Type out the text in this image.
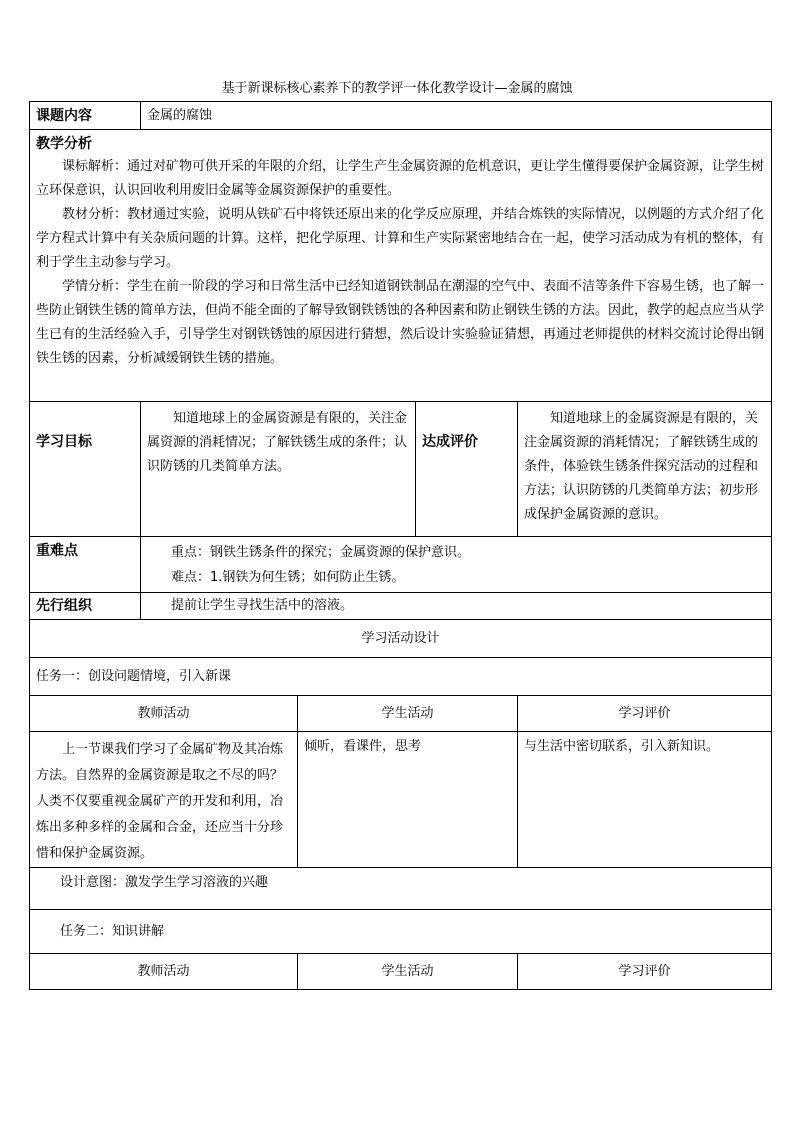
基于新课标核心素养下的教学评一体化教学设计—金属的腐蚀
课题内容	金属的腐蚀			

教学分析

课标解析：通过对矿物可供开采的年限的介绍，让学生产生金属资源的危机意识，更让学生懂得要保护金属资源，让学生树立环保意识，认识回收利用废旧金属等金属资源保护的重要性。

教材分析：教材通过实验，说明从铁矿石中将铁还原出来的化学反应原理，并结合炼铁的实际情况，以例题的方式介绍了化学方程式计算中有关杂质问题的计算。这样，把化学原理、计算和生产实际紧密地结合在一起，使学习活动成为有机的整体，有利于学生主动参与学习。

学情分析：学生在前一阶段的学习和日常生活中已经知道钢铁制品在潮湿的空气中、表面不洁等条件下容易生锈，也了解一些防止钢铁生锈的简单方法，但尚不能全面的了解导致钢铁锈蚀的各种因素和防止钢铁生锈的方法。因此，教学的起点应当从学生已有的生活经验入手，引导学生对钢铁锈蚀的原因进行猜想，然后设计实验验证猜想，再通过老师提供的材料交流讨论得出钢铁生锈的因素，分析减缓钢铁生锈的措施。				

学习目标	知道地球上的金属资源是有限的，关注金属资源的消耗情况；了解铁锈生成的条件；认识防锈的几类简单方法。		达成评价	知道地球上的金属资源是有限的，关注金属资源的消耗情况；了解铁锈生成的条件，体验铁生锈条件探究活动的过程和方法；认识防锈的几类简单方法；初步形成保护金属资源的意识。

重难点	重点：钢铁生锈条件的探究；金属资源的保护意识。
难点：1.钢铁为何生锈；如何防止生锈。			

先行组织	提前让学生寻找生活中的溶液。			
学习活动设计				
任务一：创设问题情境，引入新课				
教师活动		学生活动		学习评价

上一节课我们学习了金属矿物及其冶炼方法。自然界的金属资源是取之不尽的吗？人类不仅要重视金属矿产的开发和利用，冶炼出多种多样的金属和合金，还应当十分珍惜和保护金属资源。		倾听，看课件，思考		与生活中密切联系，引入新知识。
设计意图：激发学生学习溶液的兴趣				
任务二：知识讲解				
教师活动		学生活动		学习评价
